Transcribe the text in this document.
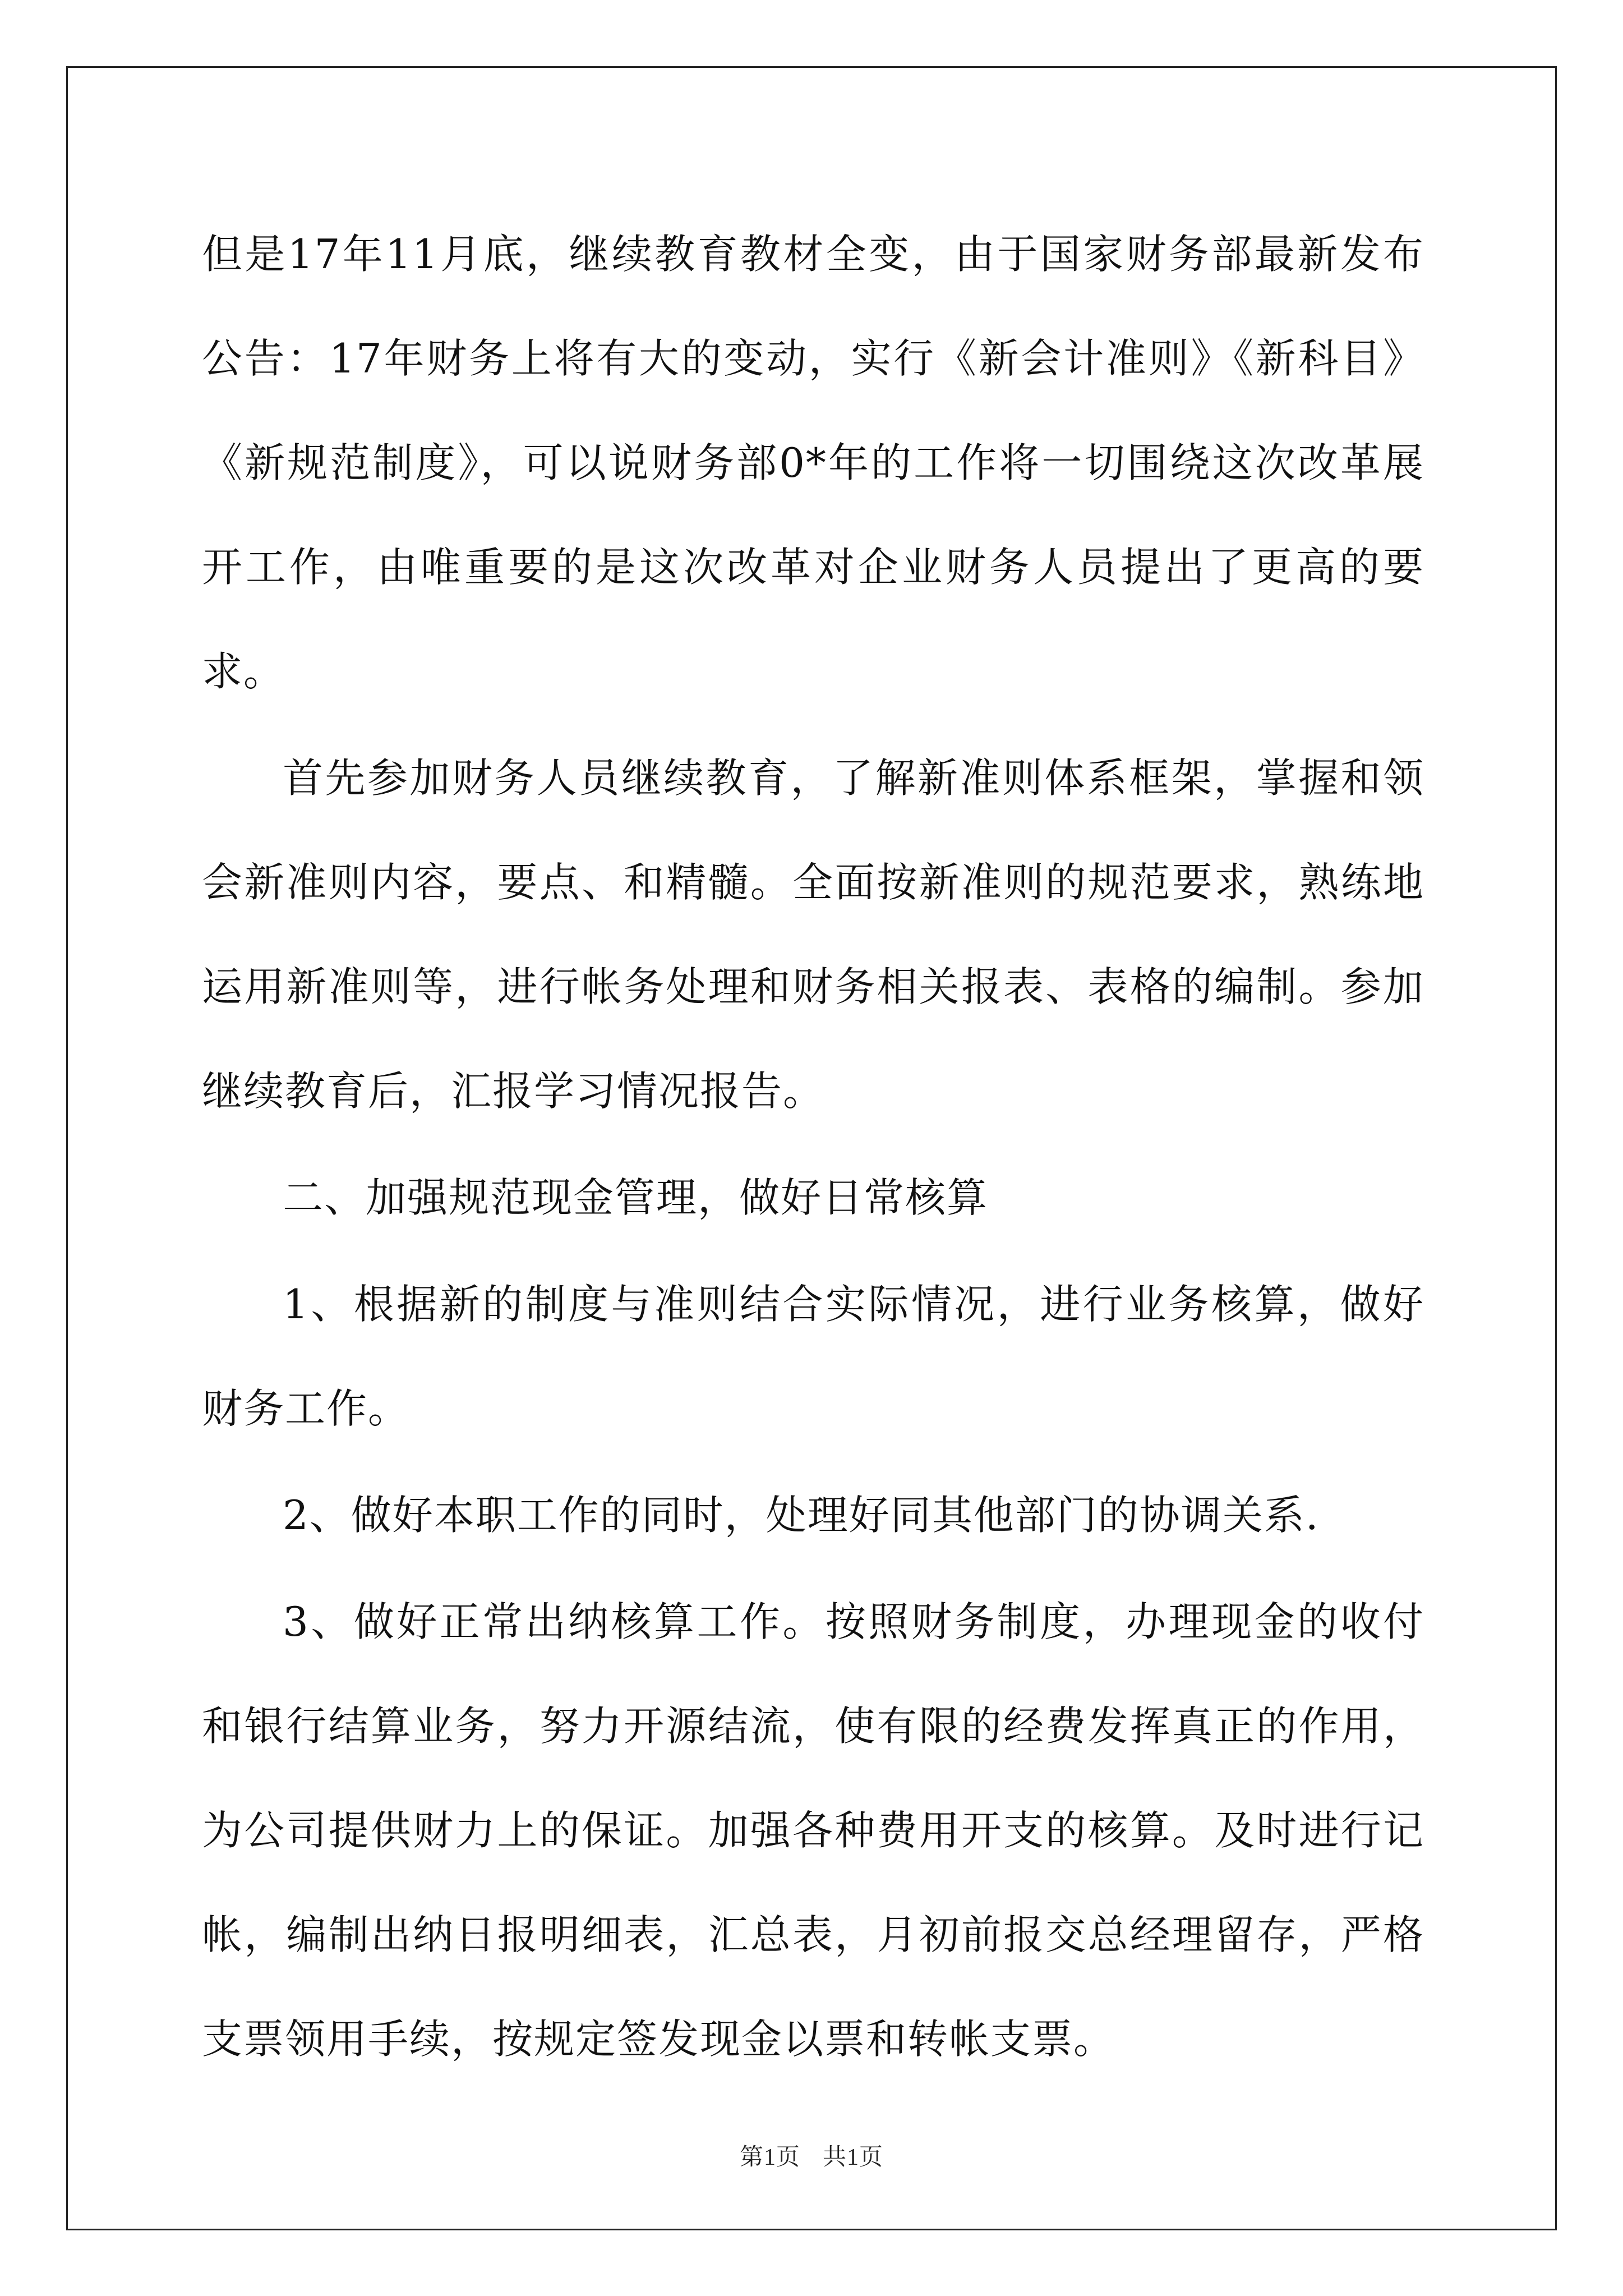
但是17年11月底，继续教育教材全变，由于国家财务部最新发布公告：17年财务上将有大的变动，实行《新会计准则》《新科目》《新规范制度》，可以说财务部0*年的工作将一切围绕这次改革展开工作，由唯重要的是这次改革对企业财务人员提出了更高的要求。

首先参加财务人员继续教育，了解新准则体系框架，掌握和领会新准则内容，要点、和精髓。全面按新准则的规范要求，熟练地运用新准则等，进行帐务处理和财务相关报表、表格的编制。参加继续教育后，汇报学习情况报告。

二、加强规范现金管理，做好日常核算

1、根据新的制度与准则结合实际情况，进行业务核算，做好财务工作。

2、做好本职工作的同时，处理好同其他部门的协调关系.

3、做好正常出纳核算工作。按照财务制度，办理现金的收付和银行结算业务，努力开源结流，使有限的经费发挥真正的作用，为公司提供财力上的保证。加强各种费用开支的核算。及时进行记帐，编制出纳日报明细表，汇总表，月初前报交总经理留存，严格支票领用手续，按规定签发现金以票和转帐支票。

第1页 共1页
